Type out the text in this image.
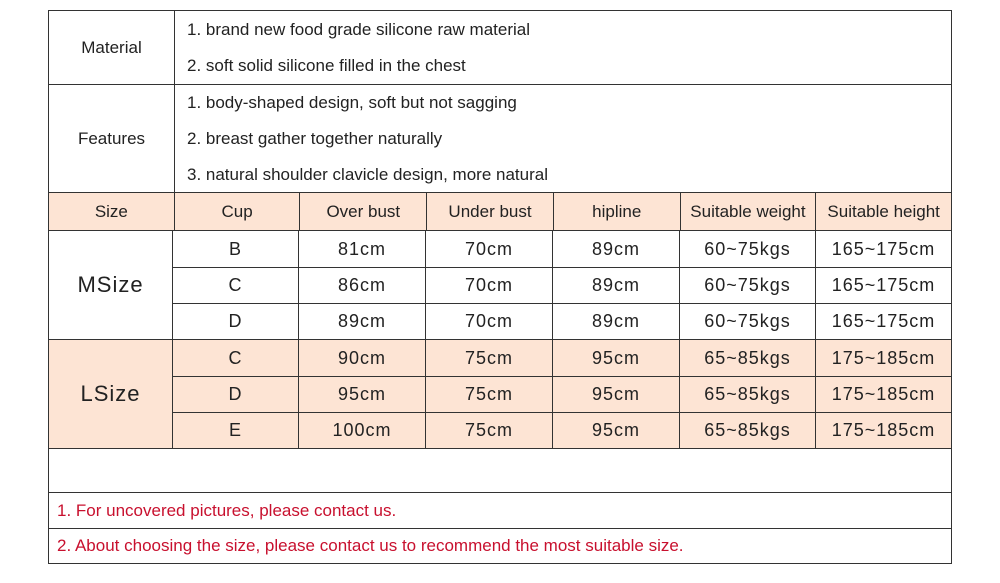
Material
1. brand new food grade silicone raw material
2. soft solid silicone filled in the chest
Features
1. body-shaped design, soft but not sagging
2. breast gather together naturally
3. natural shoulder clavicle design, more natural
Size	Cup	Over bust	Under bust	hipline	Suitable weight	Suitable height
MSize
B	81cm	70cm	89cm	60~75kgs	165~175cm
C	86cm	70cm	89cm	60~75kgs	165~175cm
D	89cm	70cm	89cm	60~75kgs	165~175cm
LSize
C	90cm	75cm	95cm	65~85kgs	175~185cm
D	95cm	75cm	95cm	65~85kgs	175~185cm
E	100cm	75cm	95cm	65~85kgs	175~185cm
1. For uncovered pictures, please contact us.
2. About choosing the size, please contact us to recommend the most suitable size.
